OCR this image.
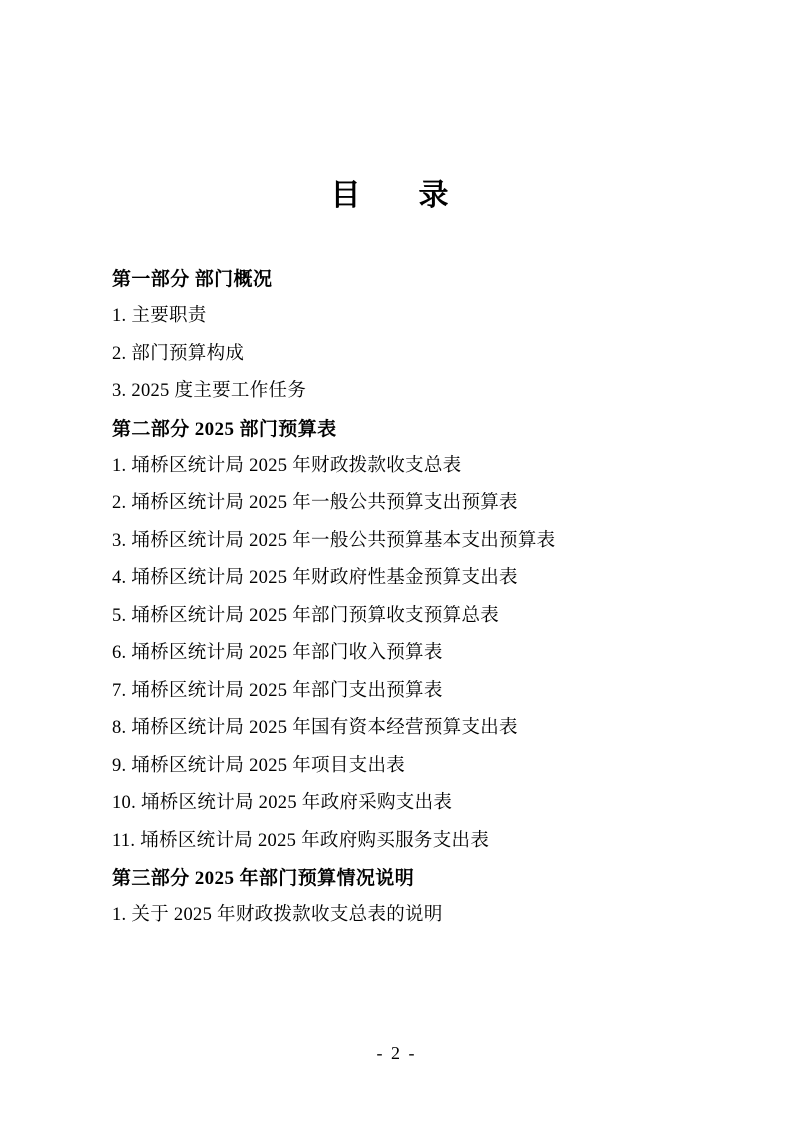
目　录
第一部分 部门概况
1. 主要职责
2. 部门预算构成
3. 2025 度主要工作任务
第二部分 2025 部门预算表
1. 埇桥区统计局 2025 年财政拨款收支总表
2. 埇桥区统计局 2025 年一般公共预算支出预算表
3. 埇桥区统计局 2025 年一般公共预算基本支出预算表
4. 埇桥区统计局 2025 年财政府性基金预算支出表
5. 埇桥区统计局 2025 年部门预算收支预算总表
6. 埇桥区统计局 2025 年部门收入预算表
7. 埇桥区统计局 2025 年部门支出预算表
8. 埇桥区统计局 2025 年国有资本经营预算支出表
9. 埇桥区统计局 2025 年项目支出表
10. 埇桥区统计局 2025 年政府采购支出表
11. 埇桥区统计局 2025 年政府购买服务支出表
第三部分 2025 年部门预算情况说明
1. 关于 2025 年财政拨款收支总表的说明
- 2 -
